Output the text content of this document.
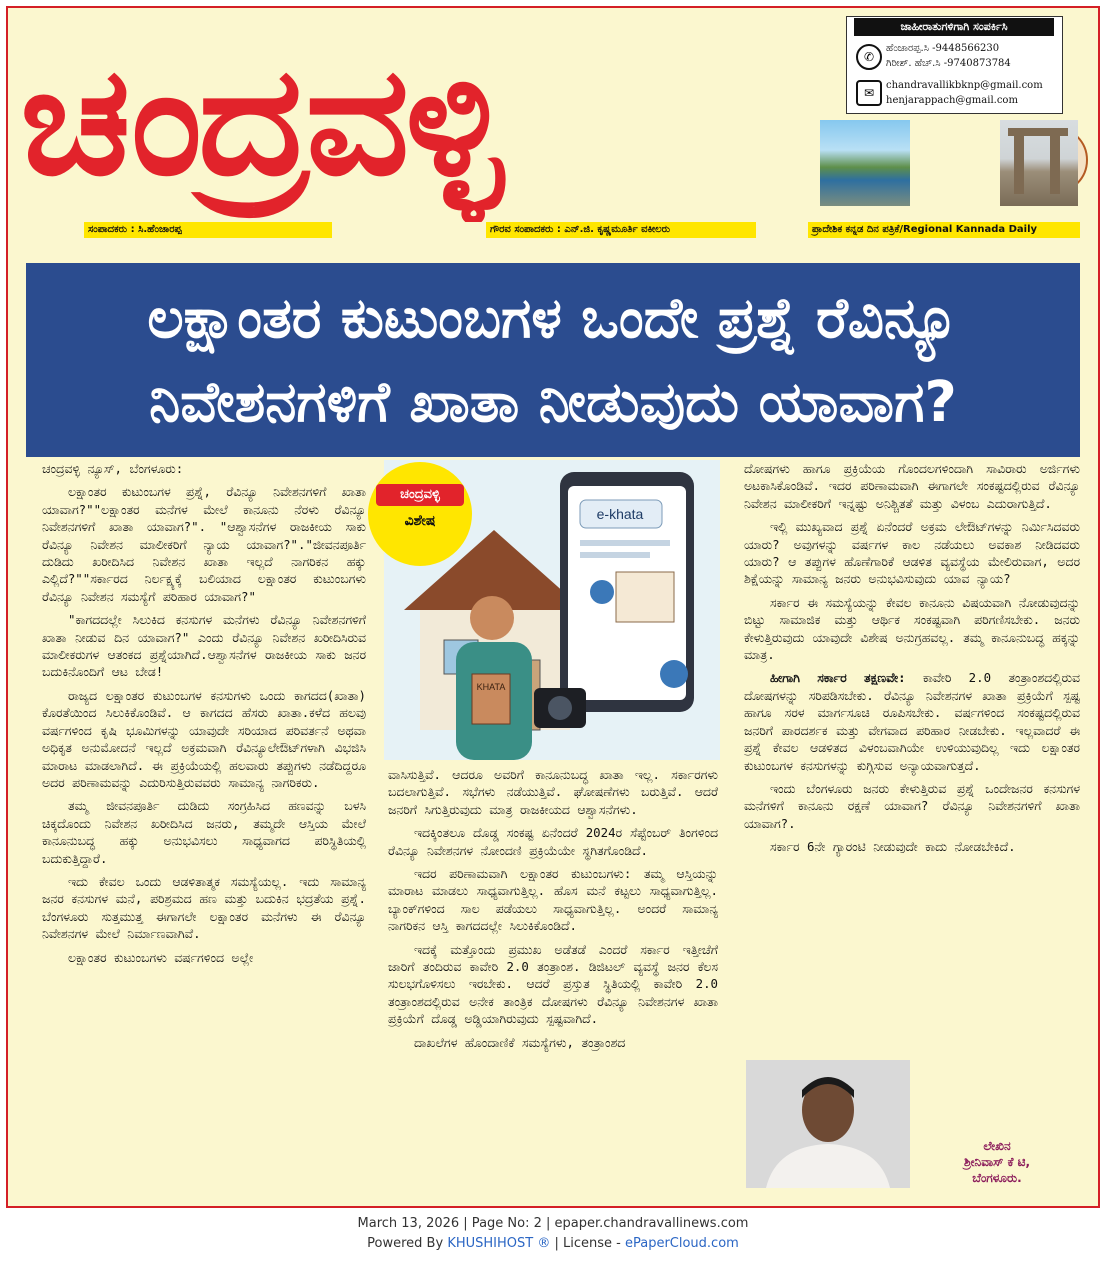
ಚಂದ್ರವಳ್ಳಿ
ಜಾಹೀರಾತುಗಳಿಗಾಗಿ ಸಂಪರ್ಕಿಸಿ
✆
ಹೆಂಜಾರಪ್ಪ.ಸಿ -9448566230
ಗಿರೀಶ್. ಹೆಚ್.ಸಿ -9740873784
✉
chandravallikbknp@gmail.com
henjarappach@gmail.com
ಸಂಪಾದಕರು : ಸಿ.ಹೆಂಜಾರಪ್ಪ	ಗೌರವ ಸಂಪಾದಕರು : ಎನ್.ಜಿ. ಕೃಷ್ಣಮೂರ್ತಿ ವಕೀಲರು	ಪ್ರಾದೇಶಿಕ ಕನ್ನಡ ದಿನ ಪತ್ರಿಕೆ/Regional Kannada Daily
ಲಕ್ಷಾಂತರ ಕುಟುಂಬಗಳ ಒಂದೇ ಪ್ರಶ್ನೆ ರೆವಿನ್ಯೂ
ನಿವೇಶನಗಳಿಗೆ ಖಾತಾ ನೀಡುವುದು ಯಾವಾಗ?

ಚಂದ್ರವಳ್ಳಿ ನ್ಯೂಸ್, ಬೆಂಗಳೂರು:

ಲಕ್ಷಾಂತರ ಕುಟುಂಬಗಳ ಪ್ರಶ್ನೆ, ರೆವಿನ್ಯೂ ನಿವೇಶನಗಳಿಗೆ ಖಾತಾ ಯಾವಾಗ?""ಲಕ್ಷಾಂತರ ಮನೆಗಳ ಮೇಲೆ ಕಾನೂನು ನೆರಳು ರೆವಿನ್ಯೂ ನಿವೇಶನಗಳಿಗೆ ಖಾತಾ ಯಾವಾಗ?". "ಆಶ್ವಾಸನೆಗಳ ರಾಜಕೀಯ ಸಾಕು ರೆವಿನ್ಯೂ ನಿವೇಶನ ಮಾಲೀಕರಿಗೆ ನ್ಯಾಯ ಯಾವಾಗ?"."ಜೀವನಪೂರ್ತಿ ದುಡಿದು ಖರೀದಿಸಿದ ನಿವೇಶನ ಖಾತಾ ಇಲ್ಲದೆ ನಾಗರಿಕನ ಹಕ್ಕು ಎಲ್ಲಿದೆ?""ಸರ್ಕಾರದ ನಿರ್ಲಕ್ಷ್ಯಕ್ಕೆ ಬಲಿಯಾದ ಲಕ್ಷಾಂತರ ಕುಟುಂಬಗಳು ರೆವಿನ್ಯೂ ನಿವೇಶನ ಸಮಸ್ಯೆಗೆ ಪರಿಹಾರ ಯಾವಾಗ?"

"ಕಾಗದದಲ್ಲೇ ಸಿಲುಕಿದ ಕನಸುಗಳ ಮನೆಗಳು ರೆವಿನ್ಯೂ ನಿವೇಶನಗಳಿಗೆ ಖಾತಾ ನೀಡುವ ದಿನ ಯಾವಾಗ?" ಎಂದು ರೆವಿನ್ಯೂ ನಿವೇಶನ ಖರೀದಿಸಿರುವ ಮಾಲೀಕರುಗಳ ಆತಂಕದ ಪ್ರಶ್ನೆಯಾಗಿದೆ.ಆಶ್ವಾಸನೆಗಳ ರಾಜಕೀಯ ಸಾಕು ಜನರ ಬದುಕಿನೊಂದಿಗೆ ಆಟ ಬೇಡ!

ರಾಜ್ಯದ ಲಕ್ಷಾಂತರ ಕುಟುಂಬಗಳ ಕನಸುಗಳು ಒಂದು ಕಾಗದದ(ಖಾತಾ) ಕೊರತೆಯಿಂದ ಸಿಲುಕಿಕೊಂಡಿವೆ. ಆ ಕಾಗದದ ಹೆಸರು ಖಾತಾ.ಕಳೆದ ಹಲವು ವರ್ಷಗಳಿಂದ ಕೃಷಿ ಭೂಮಿಗಳನ್ನು ಯಾವುದೇ ಸರಿಯಾದ ಪರಿವರ್ತನೆ ಅಥವಾ ಅಧಿಕೃತ ಅನುಮೋದನೆ ಇಲ್ಲದೆ ಅಕ್ರಮವಾಗಿ ರೆವಿನ್ಯೂಲೇಔಟ್‌ಗಳಾಗಿ ವಿಭಜಿಸಿ ಮಾರಾಟ ಮಾಡಲಾಗಿದೆ. ಈ ಪ್ರಕ್ರಿಯೆಯಲ್ಲಿ ಹಲವಾರು ತಪ್ಪುಗಳು ನಡೆದಿದ್ದರೂ ಅದರ ಪರಿಣಾಮವನ್ನು ಎದುರಿಸುತ್ತಿರುವವರು ಸಾಮಾನ್ಯ ನಾಗರಿಕರು.

ತಮ್ಮ ಜೀವನಪೂರ್ತಿ ದುಡಿದು ಸಂಗ್ರಹಿಸಿದ ಹಣವನ್ನು ಬಳಸಿ ಚಿಕ್ಕದೊಂದು ನಿವೇಶನ ಖರೀದಿಸಿದ ಜನರು, ತಮ್ಮದೇ ಆಸ್ತಿಯ ಮೇಲೆ ಕಾನೂನುಬದ್ಧ ಹಕ್ಕು ಅನುಭವಿಸಲು ಸಾಧ್ಯವಾಗದ ಪರಿಸ್ಥಿತಿಯಲ್ಲಿ ಬದುಕುತ್ತಿದ್ದಾರೆ.

ಇದು ಕೇವಲ ಒಂದು ಆಡಳಿತಾತ್ಮಕ ಸಮಸ್ಯೆಯಲ್ಲ. ಇದು ಸಾಮಾನ್ಯ ಜನರ ಕನಸುಗಳ ಮನೆ, ಪರಿಶ್ರಮದ ಹಣ ಮತ್ತು ಬದುಕಿನ ಭದ್ರತೆಯ ಪ್ರಶ್ನೆ. ಬೆಂಗಳೂರು ಸುತ್ತಮುತ್ತ ಈಗಾಗಲೇ ಲಕ್ಷಾಂತರ ಮನೆಗಳು ಈ ರೆವಿನ್ಯೂ ನಿವೇಶನಗಳ ಮೇಲೆ ನಿರ್ಮಾಣವಾಗಿವೆ.

ಲಕ್ಷಾಂತರ ಕುಟುಂಬಗಳು ವರ್ಷಗಳಿಂದ ಅಲ್ಲೇ

e-khata
KHATA
ಚಂದ್ರವಳ್ಳಿ
ವಿಶೇಷ

ವಾಸಿಸುತ್ತಿವೆ. ಆದರೂ ಅವರಿಗೆ ಕಾನೂನುಬದ್ಧ ಖಾತಾ ಇಲ್ಲ. ಸರ್ಕಾರಗಳು ಬದಲಾಗುತ್ತಿವೆ. ಸಭೆಗಳು ನಡೆಯುತ್ತಿವೆ. ಘೋಷಣೆಗಳು ಬರುತ್ತಿವೆ. ಆದರೆ ಜನರಿಗೆ ಸಿಗುತ್ತಿರುವುದು ಮಾತ್ರ ರಾಜಕೀಯದ ಆಶ್ವಾಸನೆಗಳು.

ಇದಕ್ಕಿಂತಲೂ ದೊಡ್ಡ ಸಂಕಷ್ಟ ಏನೆಂದರೆ 2024ರ ಸೆಪ್ಟೆಂಬರ್ ತಿಂಗಳಿಂದ ರೆವಿನ್ಯೂ ನಿವೇಶನಗಳ ನೋಂದಣಿ ಪ್ರಕ್ರಿಯೆಯೇ ಸ್ಥಗಿತಗೊಂಡಿದೆ.

ಇದರ ಪರಿಣಾಮವಾಗಿ ಲಕ್ಷಾಂತರ ಕುಟುಂಬಗಳು: ತಮ್ಮ ಆಸ್ತಿಯನ್ನು ಮಾರಾಟ ಮಾಡಲು ಸಾಧ್ಯವಾಗುತ್ತಿಲ್ಲ. ಹೊಸ ಮನೆ ಕಟ್ಟಲು ಸಾಧ್ಯವಾಗುತ್ತಿಲ್ಲ. ಬ್ಯಾಂಕ್‌ಗಳಿಂದ ಸಾಲ ಪಡೆಯಲು ಸಾಧ್ಯವಾಗುತ್ತಿಲ್ಲ. ಅಂದರೆ ಸಾಮಾನ್ಯ ನಾಗರಿಕನ ಆಸ್ತಿ ಕಾಗದದಲ್ಲೇ ಸಿಲುಕಿಕೊಂಡಿದೆ.

ಇದಕ್ಕೆ ಮತ್ತೊಂದು ಪ್ರಮುಖ ಅಡೆತಡೆ ಎಂದರೆ ಸರ್ಕಾರ ಇತ್ತೀಚೆಗೆ ಜಾರಿಗೆ ತಂದಿರುವ ಕಾವೇರಿ 2.0 ತಂತ್ರಾಂಶ. ಡಿಜಿಟಲ್ ವ್ಯವಸ್ಥೆ ಜನರ ಕೆಲಸ ಸುಲಭಗೊಳಿಸಲು ಇರಬೇಕು. ಆದರೆ ಪ್ರಸ್ತುತ ಸ್ಥಿತಿಯಲ್ಲಿ ಕಾವೇರಿ 2.0 ತಂತ್ರಾಂಶದಲ್ಲಿರುವ ಅನೇಕ ತಾಂತ್ರಿಕ ದೋಷಗಳು ರೆವಿನ್ಯೂ ನಿವೇಶನಗಳ ಖಾತಾ ಪ್ರಕ್ರಿಯೆಗೆ ದೊಡ್ಡ ಅಡ್ಡಿಯಾಗಿರುವುದು ಸ್ಪಷ್ಟವಾಗಿದೆ.

ದಾಖಲೆಗಳ ಹೊಂದಾಣಿಕೆ ಸಮಸ್ಯೆಗಳು, ತಂತ್ರಾಂಶದ

ದೋಷಗಳು ಹಾಗೂ ಪ್ರಕ್ರಿಯೆಯ ಗೊಂದಲಗಳಿಂದಾಗಿ ಸಾವಿರಾರು ಅರ್ಜಿಗಳು ಅಟಕಾಸಿಕೊಂಡಿವೆ. ಇದರ ಪರಿಣಾಮವಾಗಿ ಈಗಾಗಲೇ ಸಂಕಷ್ಟದಲ್ಲಿರುವ ರೆವಿನ್ಯೂ ನಿವೇಶನ ಮಾಲೀಕರಿಗೆ ಇನ್ನಷ್ಟು ಅನಿಶ್ಚಿತತೆ ಮತ್ತು ವಿಳಂಬ ಎದುರಾಗುತ್ತಿದೆ.

ಇಲ್ಲಿ ಮುಖ್ಯವಾದ ಪ್ರಶ್ನೆ ಏನೆಂದರೆ ಅಕ್ರಮ ಲೇಔಟ್‌ಗಳನ್ನು ನಿರ್ಮಿಸಿದವರು ಯಾರು? ಅವುಗಳನ್ನು ವರ್ಷಗಳ ಕಾಲ ನಡೆಯಲು ಅವಕಾಶ ನೀಡಿದವರು ಯಾರು? ಆ ತಪ್ಪುಗಳ ಹೊಣೆಗಾರಿಕೆ ಆಡಳಿತ ವ್ಯವಸ್ಥೆಯ ಮೇಲಿರುವಾಗ, ಅದರ ಶಿಕ್ಷೆಯನ್ನು ಸಾಮಾನ್ಯ ಜನರು ಅನುಭವಿಸುವುದು ಯಾವ ನ್ಯಾಯ?

ಸರ್ಕಾರ ಈ ಸಮಸ್ಯೆಯನ್ನು ಕೇವಲ ಕಾನೂನು ವಿಷಯವಾಗಿ ನೋಡುವುದನ್ನು ಬಿಟ್ಟು ಸಾಮಾಜಿಕ ಮತ್ತು ಆರ್ಥಿಕ ಸಂಕಷ್ಟವಾಗಿ ಪರಿಗಣಿಸಬೇಕು. ಜನರು ಕೇಳುತ್ತಿರುವುದು ಯಾವುದೇ ವಿಶೇಷ ಅನುಗ್ರಹವಲ್ಲ. ತಮ್ಮ ಕಾನೂನುಬದ್ಧ ಹಕ್ಕನ್ನು ಮಾತ್ರ.

ಹೀಗಾಗಿ ಸರ್ಕಾರ ತಕ್ಷಣವೇ: ಕಾವೇರಿ 2.0 ತಂತ್ರಾಂಶದಲ್ಲಿರುವ ದೋಷಗಳನ್ನು ಸರಿಪಡಿಸಬೇಕು. ರೆವಿನ್ಯೂ ನಿವೇಶನಗಳ ಖಾತಾ ಪ್ರಕ್ರಿಯೆಗೆ ಸ್ಪಷ್ಟ ಹಾಗೂ ಸರಳ ಮಾರ್ಗಸೂಚಿ ರೂಪಿಸಬೇಕು. ವರ್ಷಗಳಿಂದ ಸಂಕಷ್ಟದಲ್ಲಿರುವ ಜನರಿಗೆ ಪಾರದರ್ಶಕ ಮತ್ತು ವೇಗವಾದ ಪರಿಹಾರ ನೀಡಬೇಕು. ಇಲ್ಲವಾದರೆ ಈ ಪ್ರಶ್ನೆ ಕೇವಲ ಆಡಳಿತದ ವಿಳಂಬವಾಗಿಯೇ ಉಳಿಯುವುದಿಲ್ಲ ಇದು ಲಕ್ಷಾಂತರ ಕುಟುಂಬಗಳ ಕನಸುಗಳನ್ನು ಕುಗ್ಗಿಸುವ ಅನ್ಯಾಯವಾಗುತ್ತದೆ.

ಇಂದು ಬೆಂಗಳೂರು ಜನರು ಕೇಳುತ್ತಿರುವ ಪ್ರಶ್ನೆ ಒಂದೇಜನರ ಕನಸುಗಳ ಮನೆಗಳಿಗೆ ಕಾನೂನು ರಕ್ಷಣೆ ಯಾವಾಗ? ರೆವಿನ್ಯೂ ನಿವೇಶನಗಳಿಗೆ ಖಾತಾ ಯಾವಾಗ?.

ಸರ್ಕಾರ 6ನೇ ಗ್ಯಾರಂಟಿ ನೀಡುವುದೇ ಕಾದು ನೋಡಬೇಕಿದೆ.

ಲೇಖಿನ
ಶ್ರೀನಿವಾಸ್ ಕೆ ಟಿ,
ಬೆಂಗಳೂರು.
March 13, 2026 | Page No: 2 | epaper.chandravallinews.com
Powered By KHUSHIHOST ® | License - ePaperCloud.com
